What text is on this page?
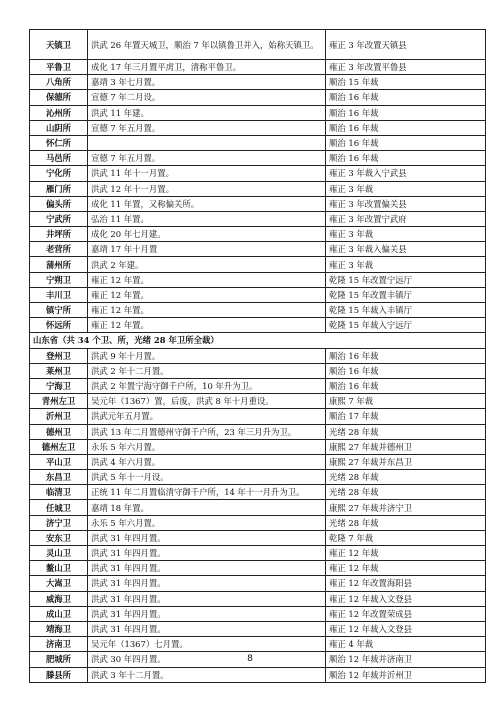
天镇卫	洪武 26 年置天城卫，顺治 7 年以镇鲁卫并入，始称天镇卫。	雍正 3 年改置天镇县
平鲁卫	成化 17 年三月置平虏卫，清称平鲁卫。	雍正 3 年改置平鲁县
八角所	嘉靖 3 年七月置。	顺治 15 年裁
保德所	宣德 7 年二月设。	顺治 16 年裁
沁州所	洪武 11 年建。	顺治 16 年裁
山阴所	宣德 7 年五月置。	顺治 16 年裁
怀仁所		顺治 16 年裁
马邑所	宣德 7 年五月置。	顺治 16 年裁
宁化所	洪武 11 年十一月置。	雍正 3 年裁入宁武县
雁门所	洪武 12 年十一月置。	雍正 3 年裁
偏头所	成化 11 年置，又称偏关所。	雍正 3 年改置偏关县
宁武所	弘治 11 年置。	雍正 3 年改置宁武府
井坪所	成化 20 年七月建。	雍正 3 年裁
老营所	嘉靖 17 年十月置	雍正 3 年裁入偏关县
蒲州所	洪武 2 年建。	雍正 3 年裁
宁朔卫	雍正 12 年置。	乾隆 15 年改置宁远厅
丰川卫	雍正 12 年置。	乾隆 15 年改置丰镇厅
镇宁所	雍正 12 年置。	乾隆 15 年裁入丰镇厅
怀远所	雍正 12 年置。	乾隆 15 年裁入宁远厅
山东省（共 34 个卫、所，光绪 28 年卫所全裁）		
登州卫	洪武 9 年十月置。	顺治 16 年裁
莱州卫	洪武 2 年十二月置。	顺治 16 年裁
宁海卫	洪武 2 年置宁海守御千户所，10 年升为卫。	顺治 16 年裁
青州左卫	吴元年（1367）置，后废，洪武 8 年十月重设。	康熙 7 年裁
沂州卫	洪武元年五月置。	顺治 17 年裁
德州卫	洪武 13 年二月置德州守御千户所，23 年三月升为卫。	光绪 28 年裁
德州左卫	永乐 5 年六月置。	康熙 27 年裁并德州卫
平山卫	洪武 4 年六月置。	康熙 27 年裁并东昌卫
东昌卫	洪武 5 年十一月设。	光绪 28 年裁
临清卫	正统 11 年二月置临清守御千户所，14 年十一月升为卫。	光绪 28 年裁
任城卫	嘉靖 18 年置。	康熙 27 年裁并济宁卫
济宁卫	永乐 5 年六月置。	光绪 28 年裁
安东卫	洪武 31 年四月置。	乾隆 7 年裁
灵山卫	洪武 31 年四月置。	雍正 12 年裁
鳌山卫	洪武 31 年四月置。	雍正 12 年裁
大嵩卫	洪武 31 年四月置。	雍正 12 年改置海阳县
威海卫	洪武 31 年四月置。	雍正 12 年裁入文登县
成山卫	洪武 31 年四月置。	雍正 12 年改置荣成县
靖海卫	洪武 31 年四月置。	雍正 12 年裁入文登县
济南卫	吴元年（1367）七月置。	雍正 4 年裁
肥城所	洪武 30 年四月置。	顺治 12 年裁并济南卫
滕县所	洪武 3 年十二月置。	顺治 12 年裁并沂州卫
8
